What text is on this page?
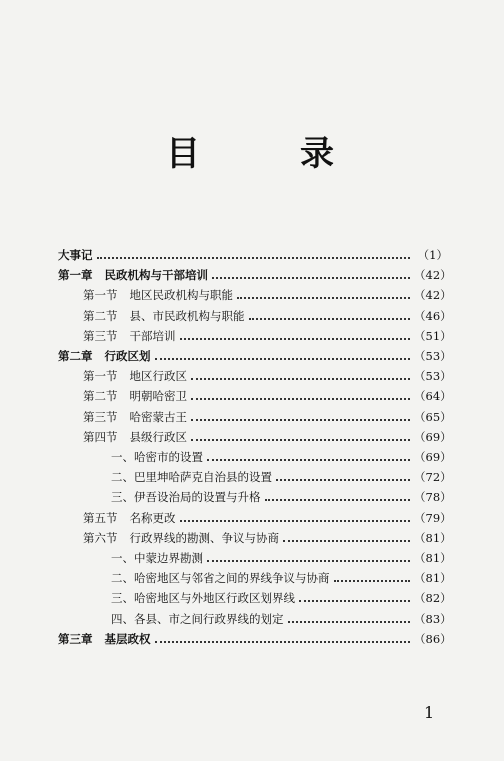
目	录
大事记	（1）
第一章 民政机构与干部培训	（42）
第一节 地区民政机构与职能	（42）
第二节 县、市民政机构与职能	（46）
第三节 干部培训	（51）
第二章 行政区划	（53）
第一节 地区行政区	（53）
第二节 明朝哈密卫	（64）
第三节 哈密蒙古王	（65）
第四节 县级行政区	（69）
一、哈密市的设置	（69）
二、巴里坤哈萨克自治县的设置	（72）
三、伊吾设治局的设置与升格	（78）
第五节 名称更改	（79）
第六节 行政界线的勘测、争议与协商	（81）
一、中蒙边界勘测	（81）
二、哈密地区与邻省之间的界线争议与协商	（81）
三、哈密地区与外地区行政区划界线	（82）
四、各县、市之间行政界线的划定	（83）
第三章 基层政权	（86）
1
